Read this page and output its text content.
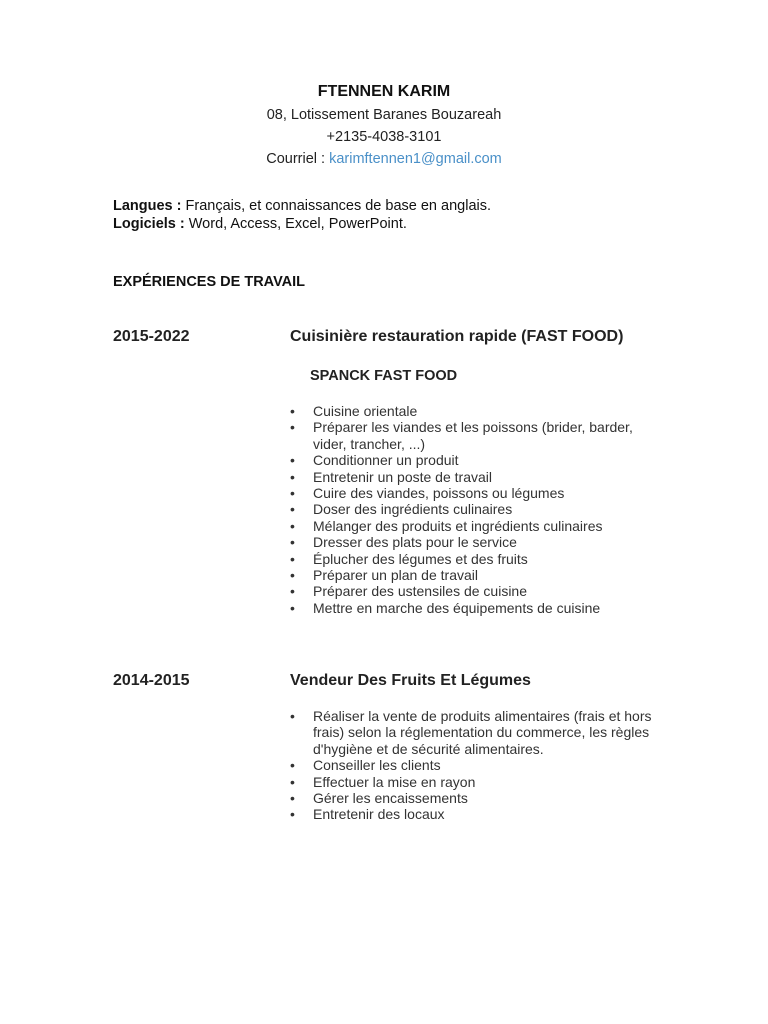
FTENNEN KARIM
08, Lotissement Baranes Bouzareah
+2135-4038-3101
Courriel : karimftennen1@gmail.com
Langues : Français, et connaissances de base en anglais.
Logiciels : Word, Access, Excel, PowerPoint.
EXPÉRIENCES DE TRAVAIL
2015-2022	Cuisinière restauration rapide (FAST FOOD)
SPANCK FAST FOOD
• Cuisine orientale
• Préparer les viandes et les poissons (brider, barder, vider, trancher, ...)
• Conditionner un produit
• Entretenir un poste de travail
• Cuire des viandes, poissons ou légumes
• Doser des ingrédients culinaires
• Mélanger des produits et ingrédients culinaires
• Dresser des plats pour le service
• Éplucher des légumes et des fruits
• Préparer un plan de travail
• Préparer des ustensiles de cuisine
• Mettre en marche des équipements de cuisine
2014-2015	Vendeur Des Fruits Et Légumes
• Réaliser la vente de produits alimentaires (frais et hors frais) selon la réglementation du commerce, les règles d'hygiène et de sécurité alimentaires.
• Conseiller les clients
• Effectuer la mise en rayon
• Gérer les encaissements
• Entretenir des locaux
